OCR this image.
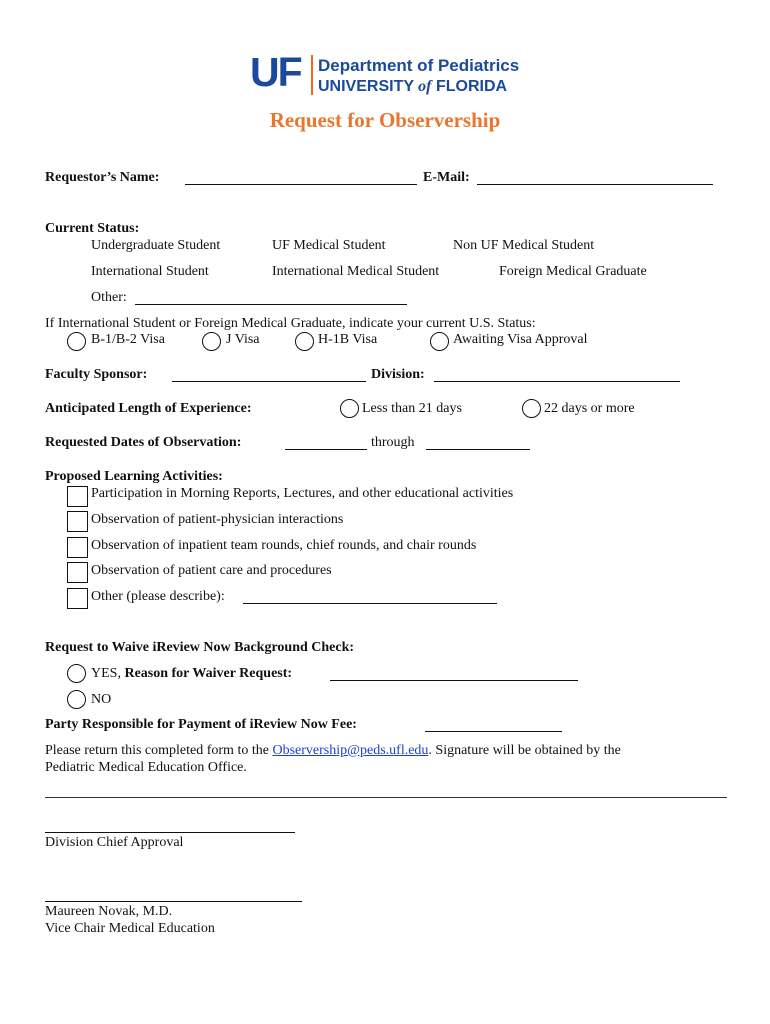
UF Department of Pediatrics
UNIVERSITY of FLORIDA
Request for Observership
Requestor’s Name:	E-Mail:
Current Status:
Undergraduate Student	UF Medical Student	Non UF Medical Student
International Student	International Medical Student	Foreign Medical Graduate
Other:
If International Student or Foreign Medical Graduate, indicate your current U.S. Status:
B-1/B-2 Visa	J Visa	H-1B Visa	Awaiting Visa Approval
Faculty Sponsor:	Division:
Anticipated Length of Experience:	Less than 21 days	22 days or more
Requested Dates of Observation:	through
Proposed Learning Activities:
Participation in Morning Reports, Lectures, and other educational activities
Observation of patient-physician interactions
Observation of inpatient team rounds, chief rounds, and chair rounds
Observation of patient care and procedures
Other (please describe):
Request to Waive iReview Now Background Check:
YES, Reason for Waiver Request:
NO
Party Responsible for Payment of iReview Now Fee:
Please return this completed form to the Observership@peds.ufl.edu. Signature will be obtained by the
Pediatric Medical Education Office.
Division Chief Approval
Maureen Novak, M.D.
Vice Chair Medical Education
